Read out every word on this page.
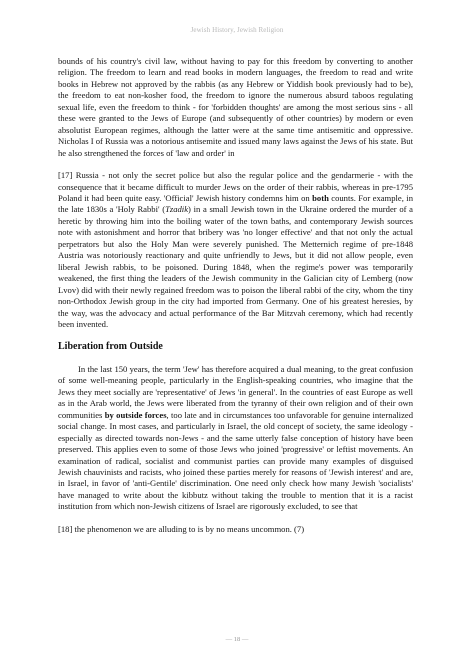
Jewish History, Jewish Religion

bounds of his country's civil law, without having to pay for this freedom by converting to another religion. The freedom to learn and read books in modern languages, the freedom to read and write books in Hebrew not approved by the rabbis (as any Hebrew or Yiddish book previously had to be), the freedom to eat non-kosher food, the freedom to ignore the numerous absurd taboos regulating sexual life, even the freedom to think - for 'forbidden thoughts' are among the most serious sins - all these were granted to the Jews of Europe (and subsequently of other countries) by modern or even absolutist European regimes, although the latter were at the same time antisemitic and oppressive. Nicholas I of Russia was a notorious antisemite and issued many laws against the Jews of his state. But he also strengthened the forces of 'law and order' in

[17] Russia - not only the secret police but also the regular police and the gendarmerie - with the consequence that it became difficult to murder Jews on the order of their rabbis, whereas in pre-1795 Poland it had been quite easy. 'Official' Jewish history condemns him on both counts. For example, in the late 1830s a 'Holy Rabbi' (Tzadik) in a small Jewish town in the Ukraine ordered the murder of a heretic by throwing him into the boiling water of the town baths, and contemporary Jewish sources note with astonishment and horror that bribery was 'no longer effective' and that not only the actual perpetrators but also the Holy Man were severely punished. The Metternich regime of pre-1848 Austria was notoriously reactionary and quite unfriendly to Jews, but it did not allow people, even liberal Jewish rabbis, to be poisoned. During 1848, when the regime's power was temporarily weakened, the first thing the leaders of the Jewish community in the Galician city of Lemberg (now Lvov) did with their newly regained freedom was to poison the liberal rabbi of the city, whom the tiny non-Orthodox Jewish group in the city had imported from Germany. One of his greatest heresies, by the way, was the advocacy and actual performance of the Bar Mitzvah ceremony, which had recently been invented.

Liberation from Outside

In the last 150 years, the term 'Jew' has therefore acquired a dual meaning, to the great confusion of some well-meaning people, particularly in the English-speaking countries, who imagine that the Jews they meet socially are 'representative' of Jews 'in general'. In the countries of east Europe as well as in the Arab world, the Jews were liberated from the tyranny of their own religion and of their own communities by outside forces, too late and in circumstances too unfavorable for genuine internalized social change. In most cases, and particularly in Israel, the old concept of society, the same ideology - especially as directed towards non-Jews - and the same utterly false conception of history have been preserved. This applies even to some of those Jews who joined 'progressive' or leftist movements. An examination of radical, socialist and communist parties can provide many examples of disguised Jewish chauvinists and racists, who joined these parties merely for reasons of 'Jewish interest' and are, in Israel, in favor of 'anti-Gentile' discrimination. One need only check how many Jewish 'socialists' have managed to write about the kibbutz without taking the trouble to mention that it is a racist institution from which non-Jewish citizens of Israel are rigorously excluded, to see that

[18] the phenomenon we are alluding to is by no means uncommon. (7)

— 18 —
